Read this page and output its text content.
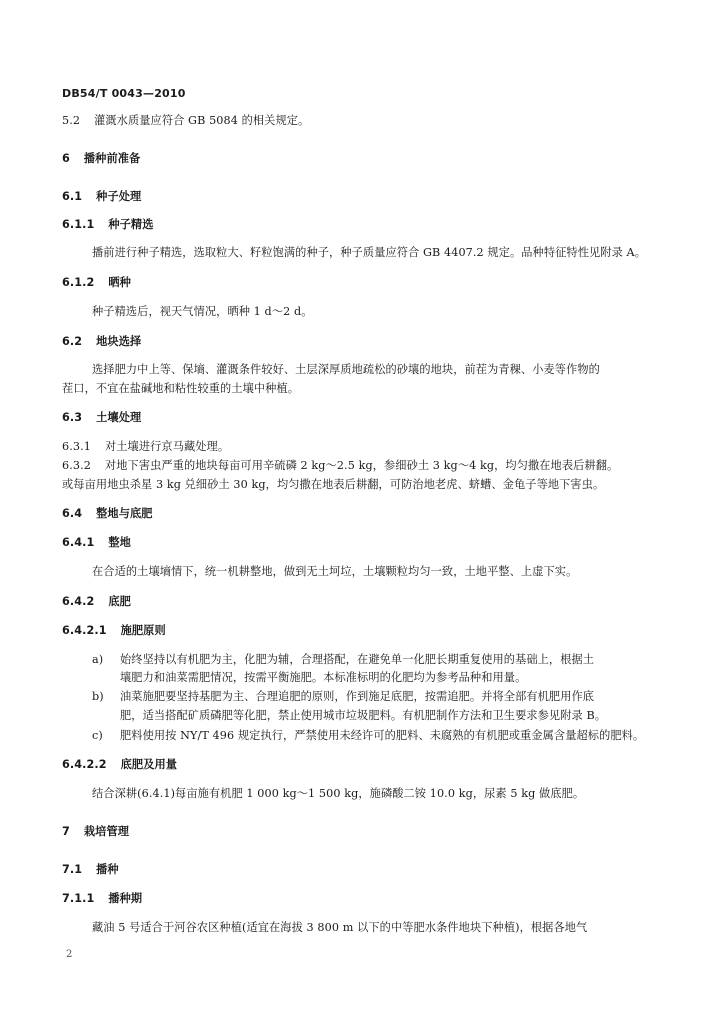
DB54/T 0043—2010
5.2 灌溉水质量应符合 GB 5084 的相关规定。
6 播种前准备
6.1 种子处理
6.1.1 种子精选
播前进行种子精选，选取粒大、籽粒饱满的种子，种子质量应符合 GB 4407.2 规定。品种特征特性见附录 A。
6.1.2 晒种
种子精选后，视天气情况，晒种 1 d～2 d。
6.2 地块选择
选择肥力中上等、保墒、灌溉条件较好、土层深厚质地疏松的砂壤的地块，前茬为青稞、小麦等作物的
茬口，不宜在盐碱地和粘性较重的土壤中种植。
6.3 土壤处理
6.3.1 对土壤进行京马藏处理。
6.3.2 对地下害虫严重的地块每亩可用辛硫磷 2 kg～2.5 kg，参细砂土 3 kg～4 kg，均匀撒在地表后耕翻。
或每亩用地虫杀星 3 kg 兑细砂土 30 kg，均匀撒在地表后耕翻，可防治地老虎、蛴螬、金龟子等地下害虫。
6.4 整地与底肥
6.4.1 整地
在合适的土壤墒情下，统一机耕整地，做到无土坷垃，土壤颗粒均匀一致，土地平整、上虚下实。
6.4.2 底肥
6.4.2.1 施肥原则
a) 始终坚持以有机肥为主，化肥为辅，合理搭配，在避免单一化肥长期重复使用的基础上，根据土
壤肥力和油菜需肥情况，按需平衡施肥。本标准标明的化肥均为参考品种和用量。
b) 油菜施肥要坚持基肥为主、合理追肥的原则，作到施足底肥，按需追肥。并将全部有机肥用作底
肥，适当搭配矿质磷肥等化肥，禁止使用城市垃圾肥料。有机肥制作方法和卫生要求参见附录 B。
c) 肥料使用按 NY/T 496 规定执行，严禁使用未经许可的肥料、未腐熟的有机肥或重金属含量超标的肥料。
6.4.2.2 底肥及用量
结合深耕(6.4.1)每亩施有机肥 1 000 kg～1 500 kg，施磷酸二铵 10.0 kg，尿素 5 kg 做底肥。
7 栽培管理
7.1 播种
7.1.1 播种期
藏油 5 号适合于河谷农区种植(适宜在海拔 3 800 m 以下的中等肥水条件地块下种植)，根据各地气
2
